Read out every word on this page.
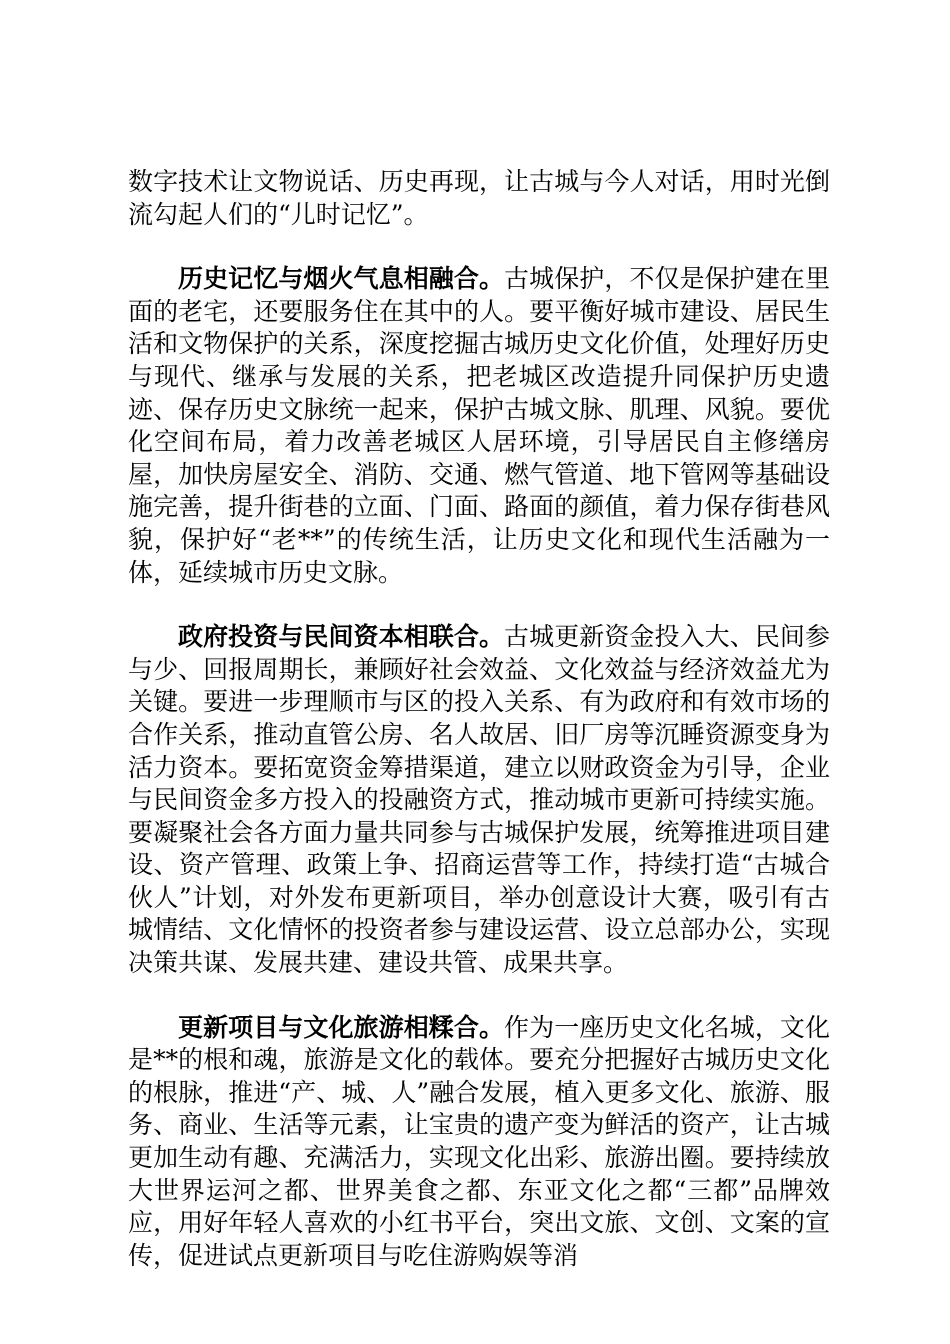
数字技术让文物说话、历史再现，让古城与今人对话，用时光倒流勾起人们的“儿时记忆”。

历史记忆与烟火气息相融合。古城保护，不仅是保护建在里面的老宅，还要服务住在其中的人。要平衡好城市建设、居民生活和文物保护的关系，深度挖掘古城历史文化价值，处理好历史与现代、继承与发展的关系，把老城区改造提升同保护历史遗迹、保存历史文脉统一起来，保护古城文脉、肌理、风貌。要优化空间布局，着力改善老城区人居环境，引导居民自主修缮房屋，加快房屋安全、消防、交通、燃气管道、地下管网等基础设施完善，提升街巷的立面、门面、路面的颜值，着力保存街巷风貌，保护好“老**”的传统生活，让历史文化和现代生活融为一体，延续城市历史文脉。

政府投资与民间资本相联合。古城更新资金投入大、民间参与少、回报周期长，兼顾好社会效益、文化效益与经济效益尤为关键。要进一步理顺市与区的投入关系、有为政府和有效市场的合作关系，推动直管公房、名人故居、旧厂房等沉睡资源变身为活力资本。要拓宽资金筹措渠道，建立以财政资金为引导，企业与民间资金多方投入的投融资方式，推动城市更新可持续实施。要凝聚社会各方面力量共同参与古城保护发展，统筹推进项目建设、资产管理、政策上争、招商运营等工作，持续打造“古城合伙人”计划，对外发布更新项目，举办创意设计大赛，吸引有古城情结、文化情怀的投资者参与建设运营、设立总部办公，实现决策共谋、发展共建、建设共管、成果共享。

更新项目与文化旅游相糅合。作为一座历史文化名城，文化是**的根和魂，旅游是文化的载体。要充分把握好古城历史文化的根脉，推进“产、城、人”融合发展，植入更多文化、旅游、服务、商业、生活等元素，让宝贵的遗产变为鲜活的资产，让古城更加生动有趣、充满活力，实现文化出彩、旅游出圈。要持续放大世界运河之都、世界美食之都、东亚文化之都“三都”品牌效应，用好年轻人喜欢的小红书平台，突出文旅、文创、文案的宣传，促进试点更新项目与吃住游购娱等消
